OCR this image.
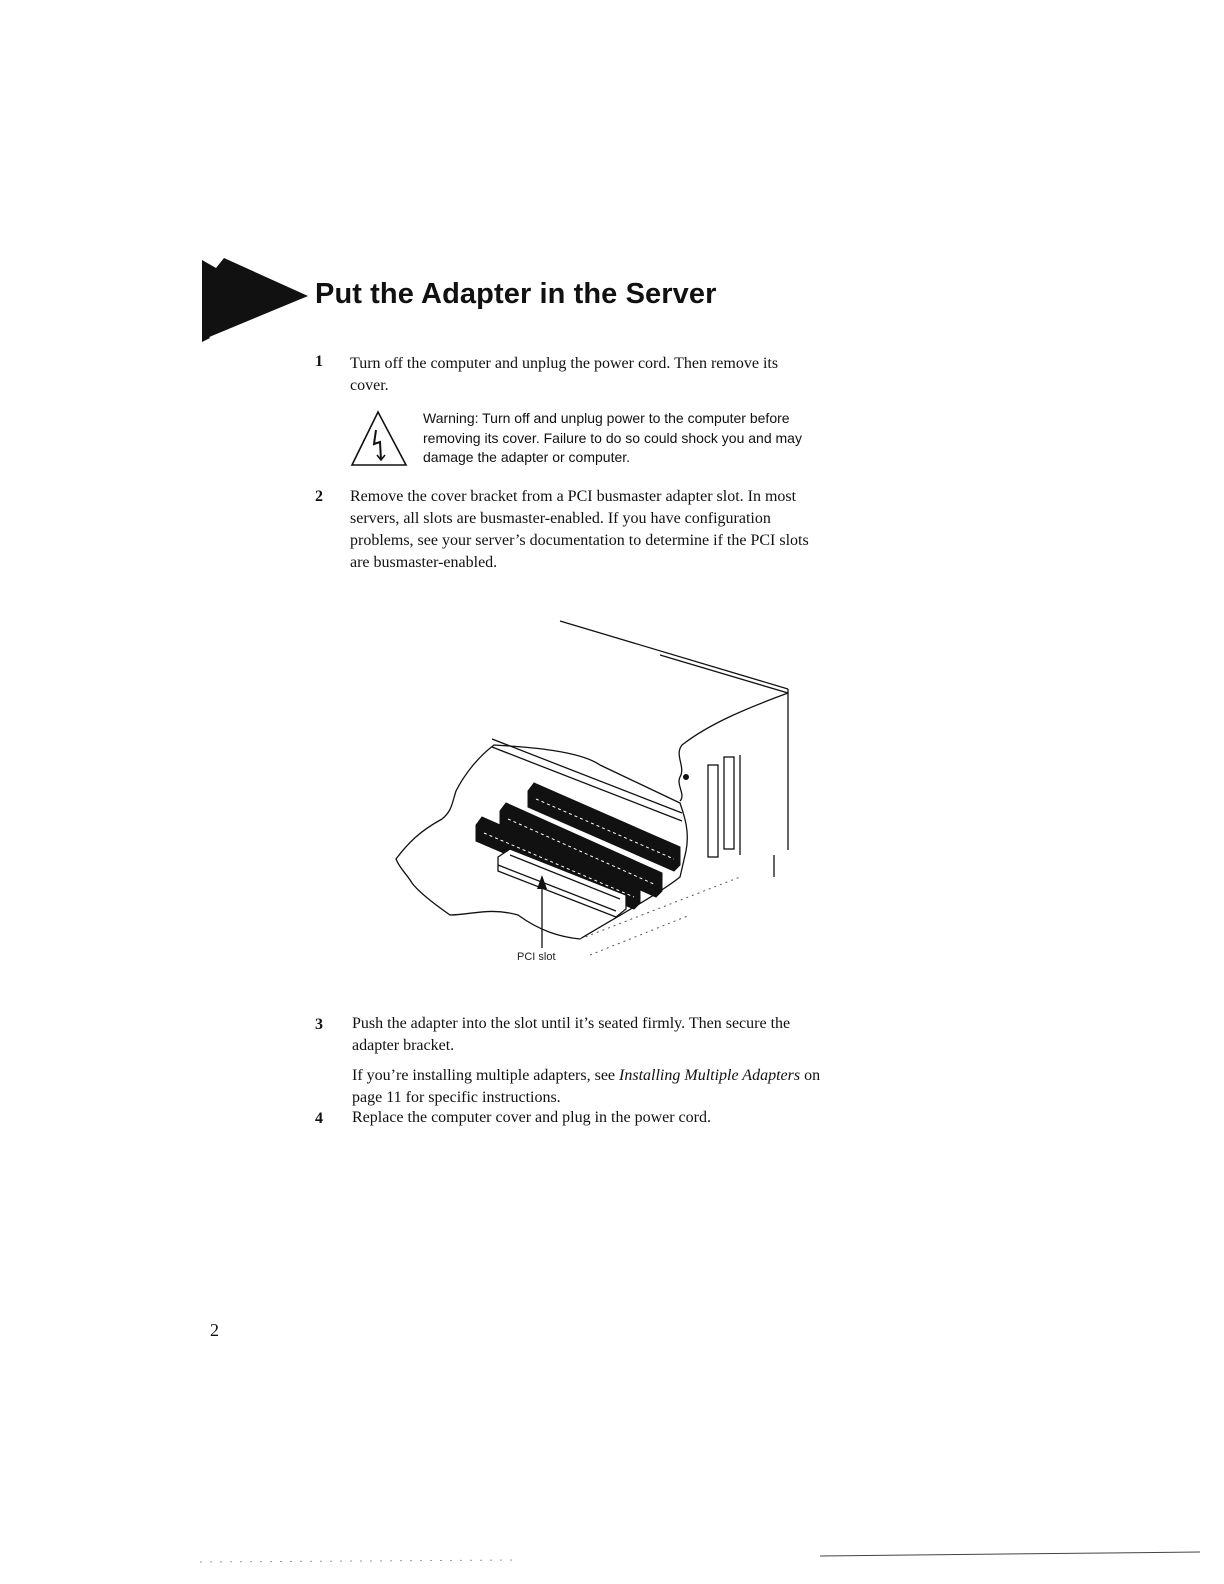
Put the Adapter in the Server
1 Turn off the computer and unplug the power cord. Then remove its
cover.
Warning: Turn off and unplug power to the computer before
removing its cover. Failure to do so could shock you and may
damage the adapter or computer.
2 Remove the cover bracket from a PCI busmaster adapter slot. In most
servers, all slots are busmaster-enabled. If you have configuration
problems, see your server’s documentation to determine if the PCI slots
are busmaster-enabled.
PCI slot
3 Push the adapter into the slot until it’s seated firmly. Then secure the
adapter bracket.
If you’re installing multiple adapters, see Installing Multiple Adapters on
page 11 for specific instructions.
4 Replace the computer cover and plug in the power cord.
2
